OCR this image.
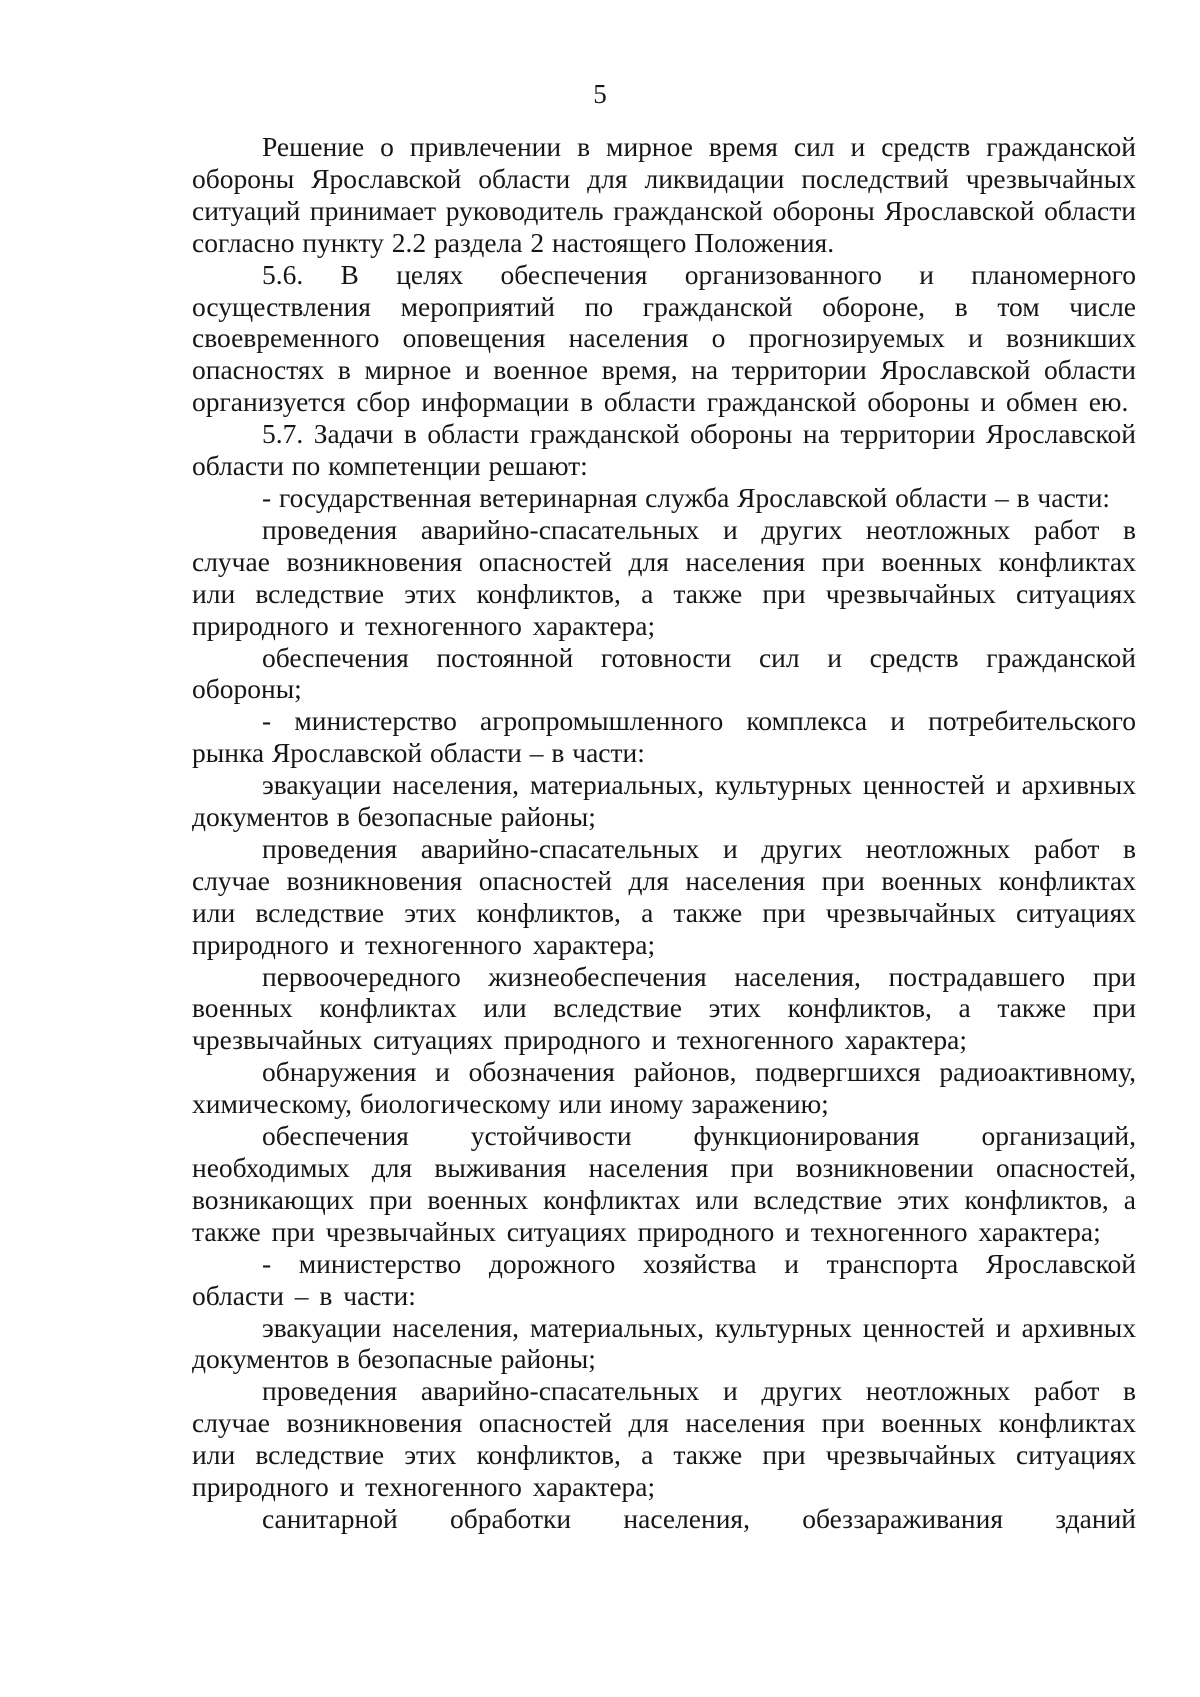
5

Решение о привлечении в мирное время сил и средств гражданской обороны Ярославской области для ликвидации последствий чрезвычайных ситуаций принимает руководитель гражданской обороны Ярославской области согласно пункту 2.2 раздела 2 настоящего Положения.

5.6. В целях обеспечения организованного и планомерного осуществления мероприятий по гражданской обороне, в том числе своевременного оповещения населения о прогнозируемых и возникших опасностях в мирное и военное время, на территории Ярославской области организуется сбор информации в области гражданской обороны и обмен ею.

5.7. Задачи в области гражданской обороны на территории Ярославской области по компетенции решают:

- государственная ветеринарная служба Ярославской области – в части:

проведения аварийно-спасательных и других неотложных работ в случае возникновения опасностей для населения при военных конфликтах или вследствие этих конфликтов, а также при чрезвычайных ситуациях природного и техногенного характера;

обеспечения постоянной готовности сил и средств гражданской обороны;

- министерство агропромышленного комплекса и потребительского рынка Ярославской области – в части:

эвакуации населения, материальных, культурных ценностей и архивных документов в безопасные районы;

проведения аварийно-спасательных и других неотложных работ в случае возникновения опасностей для населения при военных конфликтах или вследствие этих конфликтов, а также при чрезвычайных ситуациях природного и техногенного характера;

первоочередного жизнеобеспечения населения, пострадавшего при военных конфликтах или вследствие этих конфликтов, а также при чрезвычайных ситуациях природного и техногенного характера;

обнаружения и обозначения районов, подвергшихся радиоактивному, химическому, биологическому или иному заражению;

обеспечения устойчивости функционирования организаций, необходимых для выживания населения при возникновении опасностей, возникающих при военных конфликтах или вследствие этих конфликтов, а также при чрезвычайных ситуациях природного и техногенного характера;

- министерство дорожного хозяйства и транспорта Ярославской области – в части:

эвакуации населения, материальных, культурных ценностей и архивных документов в безопасные районы;

проведения аварийно-спасательных и других неотложных работ в случае возникновения опасностей для населения при военных конфликтах или вследствие этих конфликтов, а также при чрезвычайных ситуациях природного и техногенного характера;

санитарной обработки населения, обеззараживания зданий
